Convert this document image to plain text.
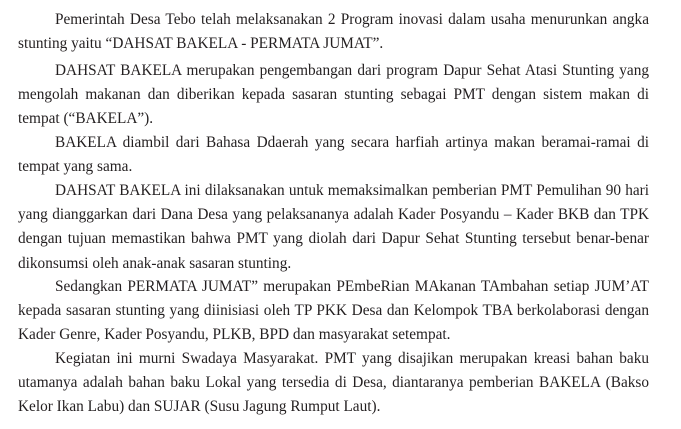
Pemerintah Desa Tebo telah melaksanakan 2 Program inovasi dalam usaha menurunkan angka stunting yaitu “DAHSAT BAKELA - PERMATA JUMAT”.

DAHSAT BAKELA merupakan pengembangan dari program Dapur Sehat Atasi Stunting yang mengolah makanan dan diberikan kepada sasaran stunting sebagai PMT dengan sistem makan di tempat (“BAKELA”).

BAKELA diambil dari Bahasa Ddaerah yang secara harfiah artinya makan beramai-ramai di tempat yang sama.

DAHSAT BAKELA ini dilaksanakan untuk memaksimalkan pemberian PMT Pemulihan 90 hari yang dianggarkan dari Dana Desa yang pelaksananya adalah Kader Posyandu – Kader BKB dan TPK dengan tujuan memastikan bahwa PMT yang diolah dari Dapur Sehat Stunting tersebut benar-benar dikonsumsi oleh anak-anak sasaran stunting.

Sedangkan PERMATA JUMAT” merupakan PEmbeRian MAkanan TAmbahan setiap JUM’AT kepada sasaran stunting yang diinisiasi oleh TP PKK Desa dan Kelompok TBA berkolaborasi dengan Kader Genre, Kader Posyandu, PLKB, BPD dan masyarakat setempat.

Kegiatan ini murni Swadaya Masyarakat. PMT yang disajikan merupakan kreasi bahan baku utamanya adalah bahan baku Lokal yang tersedia di Desa, diantaranya pemberian BAKELA (Bakso Kelor Ikan Labu) dan SUJAR (Susu Jagung Rumput Laut).
